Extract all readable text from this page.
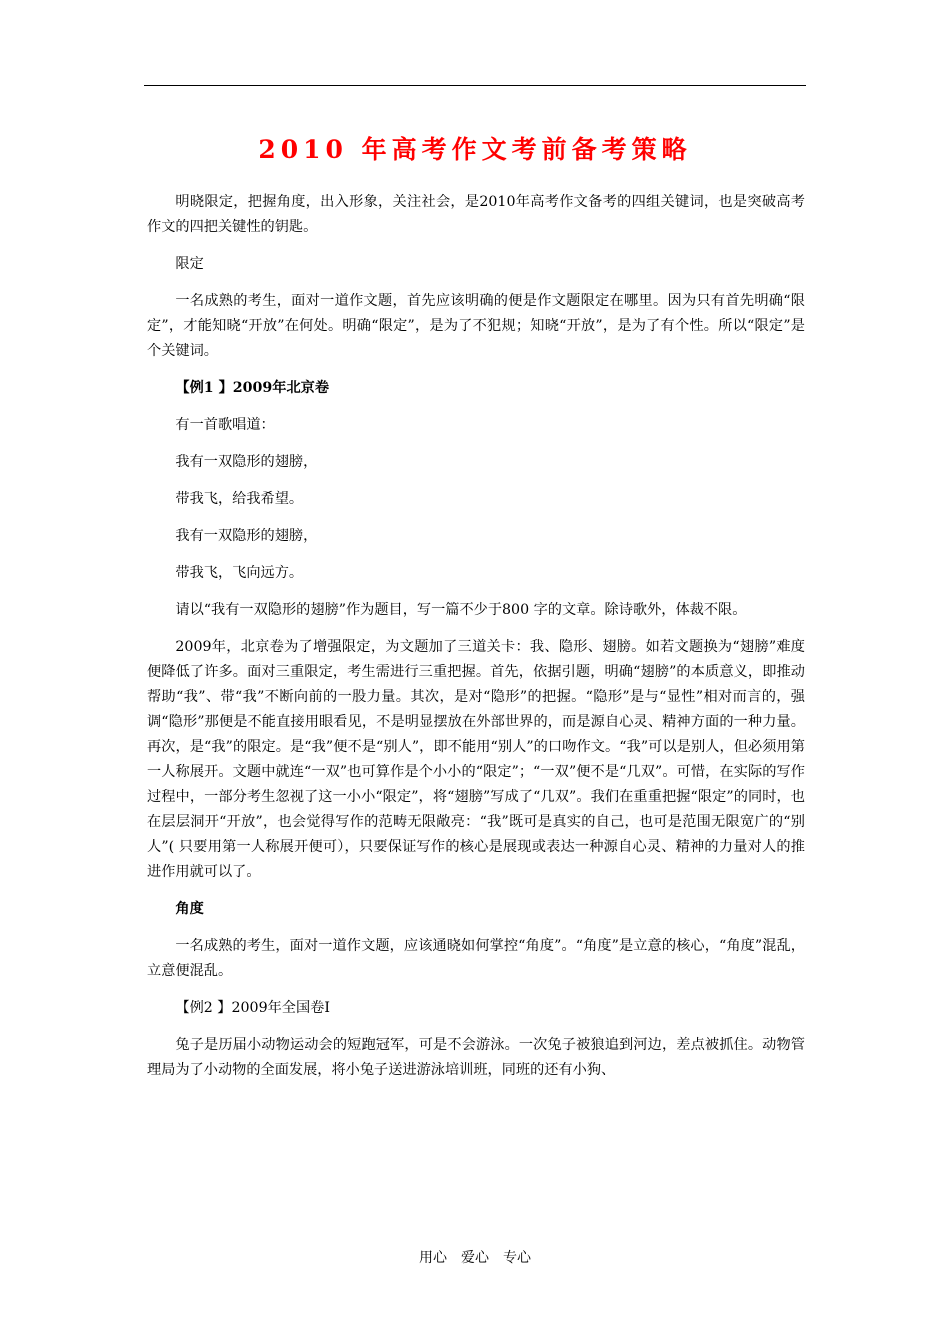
2010 年高考作文考前备考策略

明晓限定，把握角度，出入形象，关注社会，是2010年高考作文备考的四组关键词，也是突破高考作文的四把关键性的钥匙。

限定

一名成熟的考生，面对一道作文题，首先应该明确的便是作文题限定在哪里。因为只有首先明确“限定”，才能知晓“开放”在何处。明确“限定”，是为了不犯规；知晓“开放”，是为了有个性。所以“限定”是个关键词。

【例1 】2009年北京卷

有一首歌唱道：

我有一双隐形的翅膀，

带我飞，给我希望。

我有一双隐形的翅膀，

带我飞，飞向远方。

请以“我有一双隐形的翅膀”作为题目，写一篇不少于800 字的文章。除诗歌外，体裁不限。

2009年，北京卷为了增强限定，为文题加了三道关卡：我、隐形、翅膀。如若文题换为“翅膀”难度便降低了许多。面对三重限定，考生需进行三重把握。首先，依据引题，明确“翅膀”的本质意义，即推动帮助“我”、带“我”不断向前的一股力量。其次，是对“隐形”的把握。“隐形”是与“显性”相对而言的，强调“隐形”那便是不能直接用眼看见，不是明显摆放在外部世界的，而是源自心灵、精神方面的一种力量。再次，是“我”的限定。是“我”便不是“别人”，即不能用“别人”的口吻作文。“我”可以是别人，但必须用第一人称展开。文题中就连“一双”也可算作是个小小的“限定”；“一双”便不是“几双”。可惜，在实际的写作过程中，一部分考生忽视了这一小小“限定”，将“翅膀”写成了“几双”。我们在重重把握“限定”的同时，也在层层洞开“开放”，也会觉得写作的范畴无限敞亮：“我”既可是真实的自己，也可是范围无限宽广的“别人”( 只要用第一人称展开便可），只要保证写作的核心是展现或表达一种源自心灵、精神的力量对人的推进作用就可以了。

角度

一名成熟的考生，面对一道作文题，应该通晓如何掌控“角度”。“角度”是立意的核心，“角度”混乱，立意便混乱。

【例2 】2009年全国卷Ⅰ

兔子是历届小动物运动会的短跑冠军，可是不会游泳。一次兔子被狼追到河边，差点被抓住。动物管理局为了小动物的全面发展，将小兔子送进游泳培训班，同班的还有小狗、

用心　爱心　专心
